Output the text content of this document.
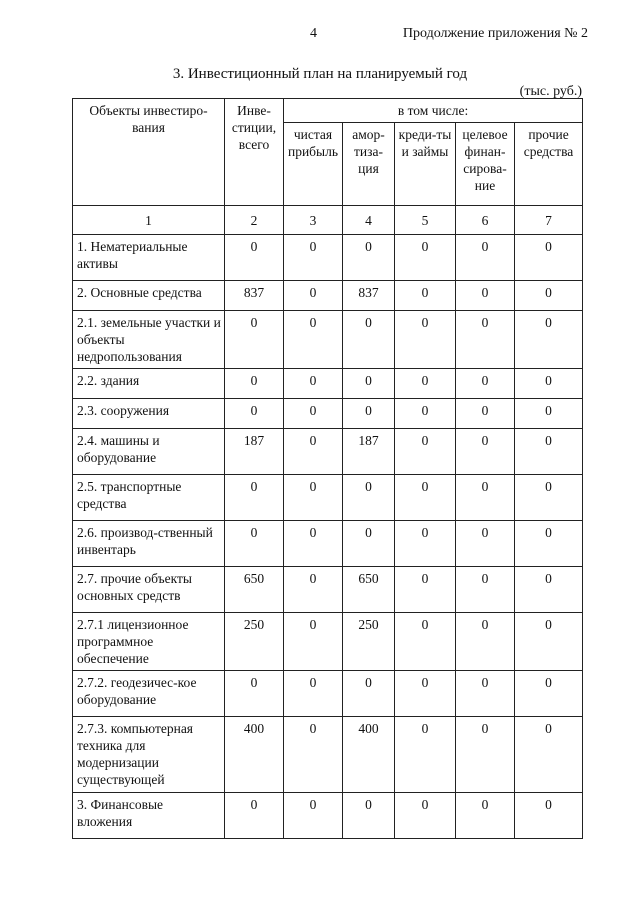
4	Продолжение приложения № 2
3. Инвестиционный план на планируемый год
(тыс. руб.)
Объекты инвестиро-вания	Инве-стиции, всего	в том числе:				
		чистая прибыль	амор-тиза-ция	креди-ты и займы	целевое финан-сирова-ние	прочие средства
1	2	3	4	5	6	7
1. Нематериальные активы	0	0	0	0	0	0
2. Основные средства	837	0	837	0	0	0
2.1. земельные участки и объекты недропользования	0	0	0	0	0	0
2.2. здания	0	0	0	0	0	0
2.3. сооружения	0	0	0	0	0	0
2.4. машины и оборудование	187	0	187	0	0	0
2.5. транспортные средства	0	0	0	0	0	0
2.6. производ-ственный инвентарь	0	0	0	0	0	0
2.7. прочие объекты основных средств	650	0	650	0	0	0
2.7.1 лицензионное программное обеспечение	250	0	250	0	0	0
2.7.2. геодезичес-кое оборудование	0	0	0	0	0	0
2.7.3. компьютерная техника для модернизации существующей	400	0	400	0	0	0
3. Финансовые вложения	0	0	0	0	0	0
